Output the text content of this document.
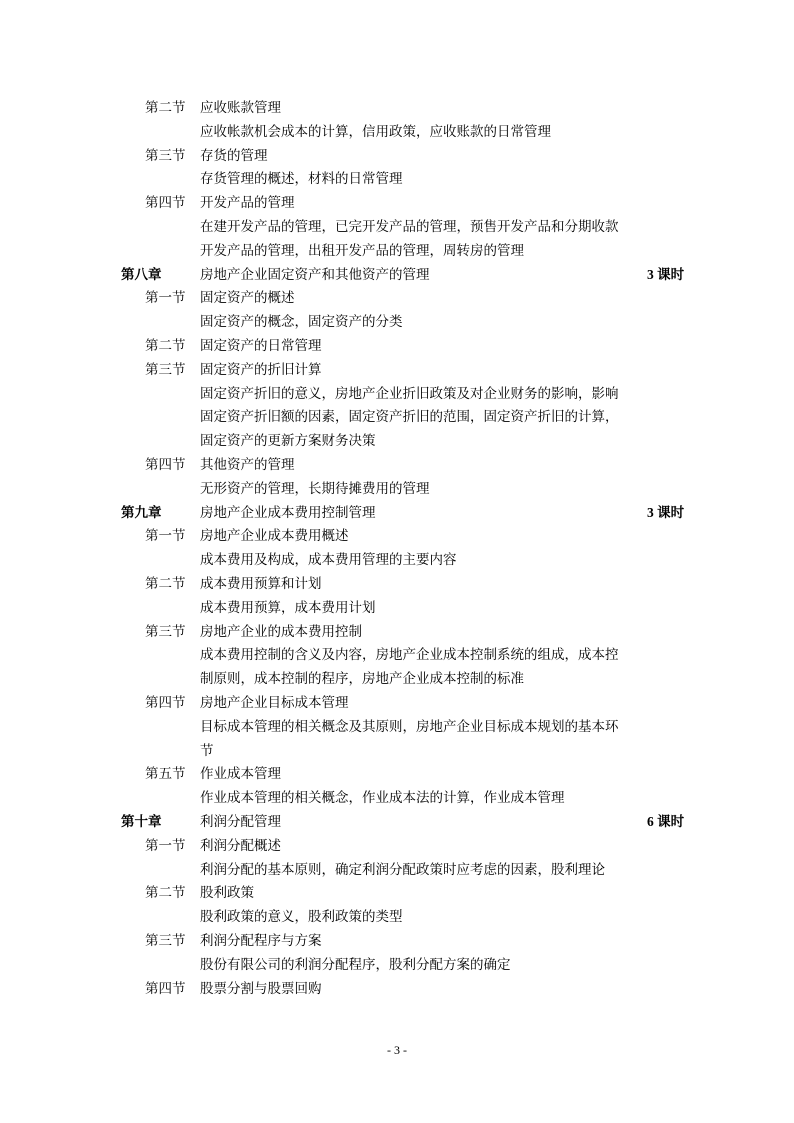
第二节 应收账款管理
应收帐款机会成本的计算，信用政策，应收账款的日常管理
第三节 存货的管理
存货管理的概述，材料的日常管理
第四节 开发产品的管理
在建开发产品的管理，已完开发产品的管理，预售开发产品和分期收款
开发产品的管理，出租开发产品的管理，周转房的管理
第八章	房地产企业固定资产和其他资产的管理	3 课时
第一节 固定资产的概述
固定资产的概念，固定资产的分类
第二节 固定资产的日常管理
第三节 固定资产的折旧计算
固定资产折旧的意义，房地产企业折旧政策及对企业财务的影响，影响
固定资产折旧额的因素，固定资产折旧的范围，固定资产折旧的计算，
固定资产的更新方案财务决策
第四节 其他资产的管理
无形资产的管理，长期待摊费用的管理
第九章	房地产企业成本费用控制管理	3 课时
第一节 房地产企业成本费用概述
成本费用及构成，成本费用管理的主要内容
第二节 成本费用预算和计划
成本费用预算，成本费用计划
第三节 房地产企业的成本费用控制
成本费用控制的含义及内容，房地产企业成本控制系统的组成，成本控
制原则，成本控制的程序，房地产企业成本控制的标准
第四节 房地产企业目标成本管理
目标成本管理的相关概念及其原则，房地产企业目标成本规划的基本环
节
第五节 作业成本管理
作业成本管理的相关概念，作业成本法的计算，作业成本管理
第十章	利润分配管理	6 课时
第一节 利润分配概述
利润分配的基本原则，确定利润分配政策时应考虑的因素，股利理论
第二节 股利政策
股利政策的意义，股利政策的类型
第三节 利润分配程序与方案
股份有限公司的利润分配程序，股利分配方案的确定
第四节 股票分割与股票回购
- 3 -
